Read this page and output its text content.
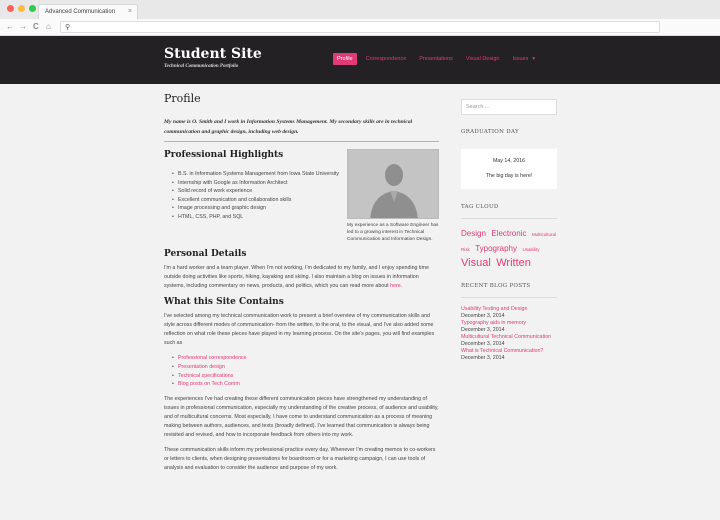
Advanced Communication ×
← → C ⌂ ⚲
Student Site
Technical Communication Portfolio
Profile	Correspondence Presentations Visual Design Issues ▾
Profile

My name is O. Smith and I work in Information Systems Management. My secondary skills are in technical communication and graphic design, including web design.

Professional Highlights
• B.S. in Information Systems Management from Iowa State University
• Internship with Google as Information Architect
• Solid record of work experience
• Excellent communication and collaboration skills
• Image processing and graphic design
• HTML, CSS, PHP, and SQL
My experience as a Software Engineer has led to a growing interest in Technical Communication and Information Design.
Personal Details

I'm a hard worker and a team player. When I'm not working, I'm dedicated to my family, and I enjoy spending time outside doing activities like sports, hiking, kayaking and skiing. I also maintain a blog on issues in information systems, including commentary on news, products, and politics, which you can read more about here.

What this Site Contains

I've selected among my technical communication work to present a brief overview of my communication skills and style across different modes of communication- from the written, to the oral, to the visual, and I've also added some reflection on what role these pieces have played in my learning process. On the site's pages, you will find examples such as

• Professional correspondence
• Presentation design
• Technical specifications
• Blog posts on Tech Comm

The experiences I've had creating these different communication pieces have strengthened my understanding of issues in professional communication, especially my understanding of the creative process, of audience and usability, and of multicultural concerns. Most especially, I have come to understand communication as a process of meaning making between authors, audiences, and texts (broadly defined). I've learned that communication is always being revisited and revised, and how to incorporate feedback from others into my work.

These communication skills inform my professional practice every day. Whenever I'm creating memos to co-workers or letters to clients, when designing presentations for boardroom or for a marketing campaign, I can use tools of analysis and evaluation to consider the audience and purpose of my work.

Search ...
GRADUATION DAY
May 14, 2016
The big day is here!
TAG CLOUD
Design Electronic Multicultural Risk Typography Usability Visual Written
RECENT BLOG POSTS
Usability Testing and Design
December 3, 2014
Typography aids in memory
December 3, 2014
Multicultural Technical Communication December 3, 2014
What is Technical Communication?
December 3, 2014
